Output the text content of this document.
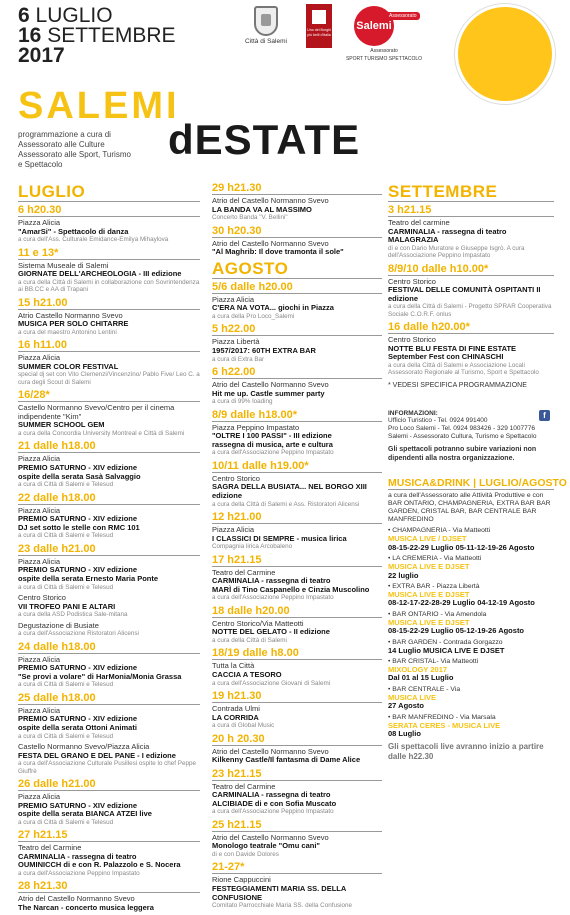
6 LUGLIO
16 SETTEMBRE
2017
Città di Salemi
Uno dei Borghi più belli d'Italia
Salemi
Assessorato
Assessorato
SPORT TURISMO SPETTACOLO
SALEMI
dESTATE
programmazione a cura di
Assessorato alle Culture
Assessorato alle Sport, Turismo
e Spettacolo
LUGLIO
6 h20.30
Piazza Alicia
"AmarSi" - Spettacolo di danza
a cura dell'Ass. Culturale Emidance-Emilya Mihaylova
11 e 13*
Sistema Museale di Salemi
GIORNATE DELL'ARCHEOLOGIA - III edizione
a cura della Città di Salemi in collaborazione con Sovrintendenza ai BB.CC e AA di Trapani
15 h21.00
Atrio Castello Normanno Svevo
MUSICA PER SOLO CHITARRE
a cura del maestro Antonino Lentini
16 h11.00
Piazza Alicia
SUMMER COLOR FESTIVAL
special dj set con Vito Clemenzi/Vincenzino/ Pablo Five/ Leo C. a cura degli Scout di Salemi
16/28*
Castello Normanno Svevo/Centro per il cinema indipendente "Kim"
SUMMER SCHOOL GEM
a cura della Concordia University Montreal e Città di Salemi
21 dalle h18.00
Piazza Alicia
PREMIO SATURNO - XIV edizione
ospite della serata Sasà Salvaggio
a cura di Città di Salemi e Telesud
22 dalle h18.00
Piazza Alicia
PREMIO SATURNO - XIV edizione
DJ set sotto le stelle con RMC 101
a cura di Città di Salemi e Telesud
23 dalle h21.00
Piazza Alicia
PREMIO SATURNO - XIV edizione
ospite della serata Ernesto Maria Ponte
a cura di Città di Salemi e Telesud
Centro Storico
VII TROFEO PANI E ALTARI
a cura della ASD Podistica Sale-mitana
Degustazione di Busiate
a cura dell'Associazione Ristoratori Alicensi
24 dalle h18.00
Piazza Alicia
PREMIO SATURNO - XIV edizione
"Se provi a volare" di HarMonia/Monia Grassa
a cura di Città di Salemi e Telesud
25 dalle h18.00
Piazza Alicia
PREMIO SATURNO - XIV edizione
ospite della serata Ottoni Animati
a cura di Città di Salemi e Telesud
Castello Normanno Svevo/Piazza Alicia
FESTA DEL GRANO E DEL PANE - I edizione
a cura dell'Associazione Culturale Pusillesi ospite lo chef Peppe Giuffrè
26 dalle h21.00
Piazza Alicia
PREMIO SATURNO - XIV edizione
ospite della serata BIANCA ATZEI live
a cura di Città di Salemi e Telesud
27 h21.15
Teatro del Carmine
CARMINALIA - rassegna di teatro
OUMINICCH di e con R. Palazzolo e S. Nocera
a cura dell'Associazione Peppino Impastato
28 h21.30
Atrio del Castello Normanno Svevo
The Narcan - concerto musica leggera
29 h21.30
Atrio del Castello Normanno Svevo
LA BANDA VA AL MASSIMO
Concerto Banda "V. Bellini"
30 h20.30
Atrio del Castello Normanno Svevo
"Al Maghrib: Il dove tramonta il sole"
AGOSTO
5/6 dalle h20.00
Piazza Alicia
C'ERA NA VOTA... giochi in Piazza
a cura della Pro Loco_Salemi
5 h22.00
Piazza Libertà
1957/2017: 60TH EXTRA BAR
a cura di Extra Bar
6 h22.00
Atrio del Castello Normanno Svevo
Hit me up. Castle summer party
a cura di 99% loading
8/9 dalle h18.00*
Piazza Peppino Impastato
"OLTRE I 100 PASSI" - III edizione
rassegna di musica, arte e cultura
a cura dell'Associazione Peppino Impastato
10/11 dalle h19.00*
Centro Storico
SAGRA DELLA BUSIATA... NEL BORGO XIII edizione
a cura della Città di Salemi e Ass. Ristoratori Alicensi
12 h21.00
Piazza Alicia
I CLASSICI DI SEMPRE - musica lirica
Compagnia lirica Arcobaleno
17 h21.15
Teatro del Carmine
CARMINALIA - rassegna di teatro
MARÌ di Tino Caspanello e Cinzia Muscolino
a cura dell'Associazione Peppino Impastato
18 dalle h20.00
Centro Storico/Via Matteotti
NOTTE DEL GELATO - II edizione
a cura della Città di Salemi
18/19 dalle h8.00
Tutta la Città
CACCIA A TESORO
a cura dell'Associazione Giovani di Salemi
19 h21.30
Contrada Ulmi
LA CORRIDA
a cura di Global Music
20 h 20.30
Atrio del Castello Normanno Svevo
Kilkenny Castle/Il fantasma di Dame Alice
23 h21.15
Teatro del Carmine
CARMINALIA - rassegna di teatro
ALCIBIADE di e con Sofia Muscato
a cura dell'Associazione Peppino Impastato
25 h21.15
Atrio del Castello Normanno Svevo
Monologo teatrale "Omu cani"
di e con Davide Dolores
21-27*
Rione Cappuccini
FESTEGGIAMENTI MARIA SS. DELLA CONFUSIONE
Comitato Parrocchiale Maria SS. della Confusione
SETTEMBRE
3 h21.15
Teatro del carmine
CARMINALIA - rassegna di teatro
MALAGRAZIA
di e con Dario Muratore e Giuseppe Isgrò. A cura dell'Associazione Peppino Impastato
8/9/10 dalle h10.00*
Centro Storico
FESTIVAL DELLE COMUNITÀ OSPITANTI II edizione
a cura della Città di Salemi - Progetto SPRAR Cooperativa Sociale C.O.R.F. onlus
16 dalle h20.00*
Centro Storico
NOTTE BLU FESTA DI FINE ESTATE
September Fest con CHINASCHI
a cura della Città di Salemi e Associazione Locali Assessorato Regionale al Turismo, Sport e Spettacolo
* VEDESI SPECIFICA PROGRAMMAZIONE
f
INFORMAZIONI:
Ufficio Turistico - Tel. 0924 991400
Pro Loco Salemi - Tel. 0924 983426 - 329 1007776
Salemi - Assessorato Cultura, Turismo e Spettacolo
Gli spettacoli potranno subire variazioni non dipendenti alla nostra organizzazione.
MUSICA&DRINK | LUGLIO/AGOSTO
a cura dell'Assessorato alle Attività Produttive e con BAR ONTARIO, CHAMPAGNERIA, EXTRA BAR BAR GARDEN, CRISTAL BAR, BAR CENTRALE BAR MANFREDINO
• CHAMPAGNERIA - Via Matteotti
MUSICA LIVE / DJSET
08-15-22-29 Luglio 05-11-12-19-26 Agosto
• LA CREMERIA - Via Matteotti
MUSICA LIVE E DJSET
22 luglio
• EXTRA BAR - Piazza Libertà
MUSICA LIVE E DJSET
08-12-17-22-28-29 Luglio 04-12-19 Agosto
• BAR ONTARIO - Via Amendola
MUSICA LIVE E DJSET
08-15-22-29 Luglio 05-12-19-26 Agosto
• BAR GARDEN - Contrada Gorgazzo
14 Luglio MUSICA LIVE E DJSET
• BAR CRISTAL- Via Matteotti
MIXOLOGY 2017
Dal 01 al 15 Luglio
• BAR CENTRALE - Via
MUSICA LIVE
27 Agosto
• BAR MANFREDINO - Via Marsala
SERATA CERES - MUSICA LIVE
08 Luglio
Gli spettacoli live avranno inizio a partire dalle h22.30
